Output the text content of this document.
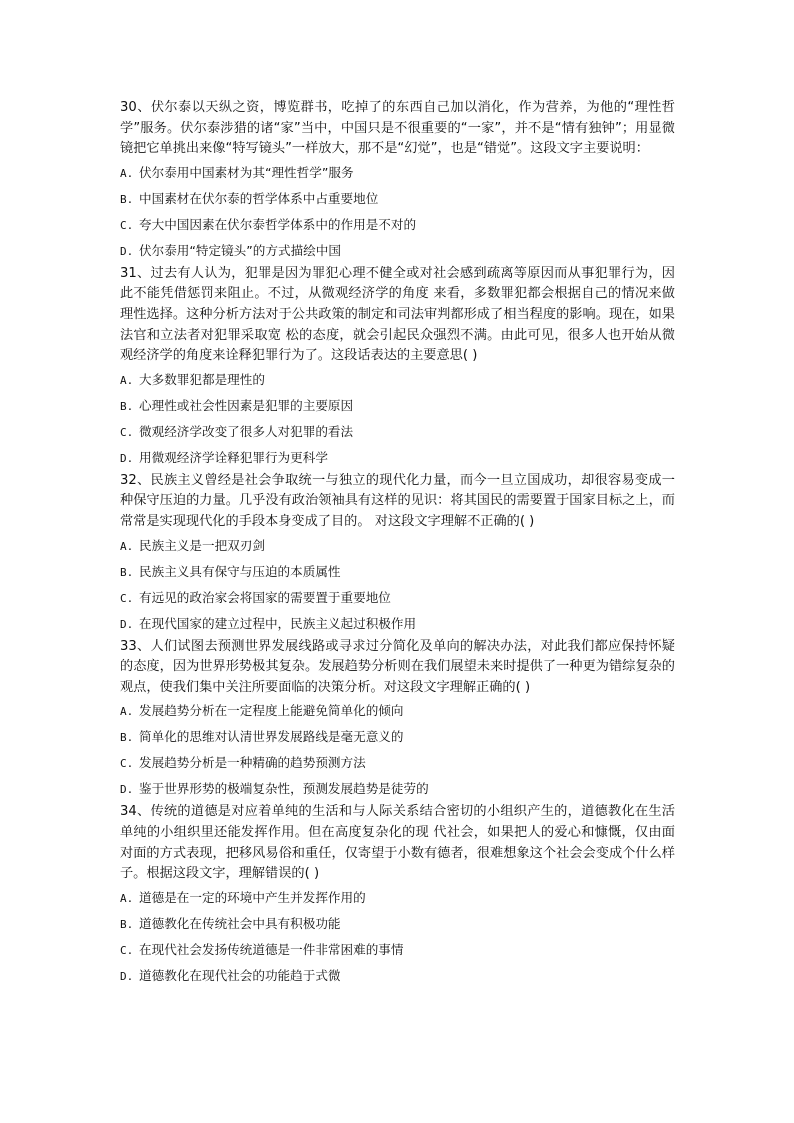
30、伏尔泰以天纵之资，博览群书，吃掉了的东西自己加以消化，作为营养，为他的“理性哲学”服务。伏尔泰涉猎的诸“家”当中，中国只是不很重要的“一家”，并不是“情有独钟”；用显微镜把它单挑出来像“特写镜头”一样放大，那不是“幻觉”，也是“错觉”。这段文字主要说明：

A. 伏尔泰用中国素材为其“理性哲学”服务
B. 中国素材在伏尔泰的哲学体系中占重要地位
C. 夸大中国因素在伏尔泰哲学体系中的作用是不对的
D. 伏尔泰用“特定镜头”的方式描绘中国

31、过去有人认为，犯罪是因为罪犯心理不健全或对社会感到疏离等原因而从事犯罪行为，因此不能凭借惩罚来阻止。不过，从微观经济学的角度 来看，多数罪犯都会根据自己的情况来做理性选择。这种分析方法对于公共政策的制定和司法审判都形成了相当程度的影响。现在，如果法官和立法者对犯罪采取宽 松的态度，就会引起民众强烈不满。由此可见，很多人也开始从微观经济学的角度来诠释犯罪行为了。这段话表达的主要意思( )

A. 大多数罪犯都是理性的
B. 心理性或社会性因素是犯罪的主要原因
C. 微观经济学改变了很多人对犯罪的看法
D. 用微观经济学诠释犯罪行为更科学

32、民族主义曾经是社会争取统一与独立的现代化力量，而今一旦立国成功，却很容易变成一种保守压迫的力量。几乎没有政治领袖具有这样的见识：将其国民的需要置于国家目标之上，而常常是实现现代化的手段本身变成了目的。 对这段文字理解不正确的( )

A. 民族主义是一把双刃剑
B. 民族主义具有保守与压迫的本质属性
C. 有远见的政治家会将国家的需要置于重要地位
D. 在现代国家的建立过程中，民族主义起过积极作用

33、人们试图去预测世界发展线路或寻求过分简化及单向的解决办法，对此我们都应保持怀疑的态度，因为世界形势极其复杂。发展趋势分析则在我们展望未来时提供了一种更为错综复杂的观点，使我们集中关注所要面临的决策分析。对这段文字理解正确的( )

A. 发展趋势分析在一定程度上能避免简单化的倾向
B. 简单化的思维对认清世界发展路线是毫无意义的
C. 发展趋势分析是一种精确的趋势预测方法
D. 鉴于世界形势的极端复杂性，预测发展趋势是徒劳的

34、传统的道德是对应着单纯的生活和与人际关系结合密切的小组织产生的，道德教化在生活单纯的小组织里还能发挥作用。但在高度复杂化的现 代社会，如果把人的爱心和慷慨，仅由面对面的方式表现，把移风易俗和重任，仅寄望于小数有德者，很难想象这个社会会变成个什么样子。根据这段文字，理解错误的( )

A. 道德是在一定的环境中产生并发挥作用的
B. 道德教化在传统社会中具有积极功能
C. 在现代社会发扬传统道德是一件非常困难的事情
D. 道德教化在现代社会的功能趋于式微
